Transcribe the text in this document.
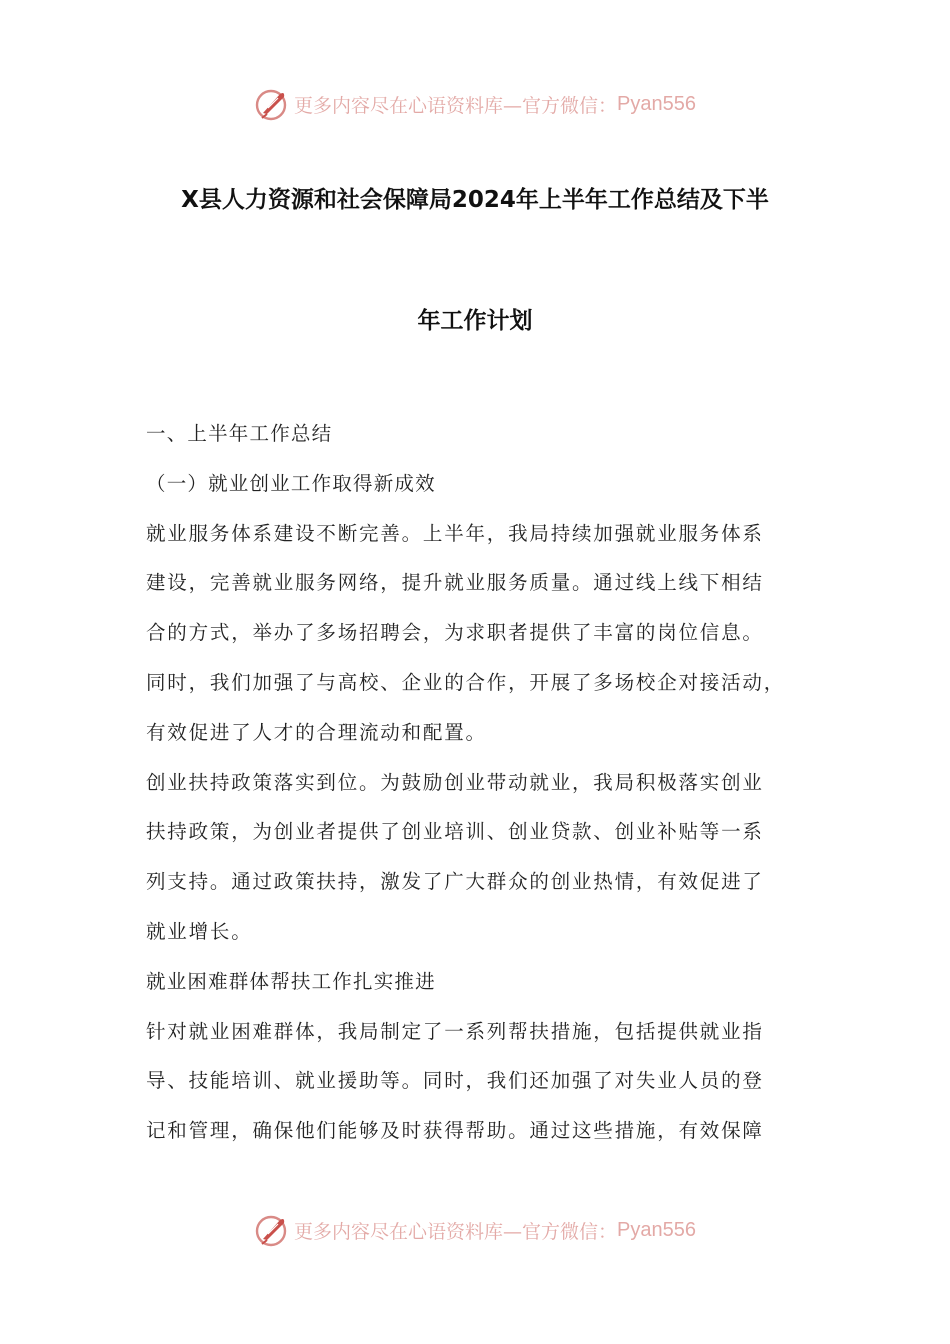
更多内容尽在心语资料库—官方微信： Pyan556
X县人力资源和社会保障局2024年上半年工作总结及下半
年工作计划
一、上半年工作总结
（一）就业创业工作取得新成效
就业服务体系建设不断完善。上半年，我局持续加强就业服务体系
建设，完善就业服务网络，提升就业服务质量。通过线上线下相结
合的方式，举办了多场招聘会，为求职者提供了丰富的岗位信息。
同时，我们加强了与高校、企业的合作，开展了多场校企对接活动，
有效促进了人才的合理流动和配置。
创业扶持政策落实到位。为鼓励创业带动就业，我局积极落实创业
扶持政策，为创业者提供了创业培训、创业贷款、创业补贴等一系
列支持。通过政策扶持，激发了广大群众的创业热情，有效促进了
就业增长。
就业困难群体帮扶工作扎实推进
针对就业困难群体，我局制定了一系列帮扶措施，包括提供就业指
导、技能培训、就业援助等。同时，我们还加强了对失业人员的登
记和管理，确保他们能够及时获得帮助。通过这些措施，有效保障
更多内容尽在心语资料库—官方微信： Pyan556
